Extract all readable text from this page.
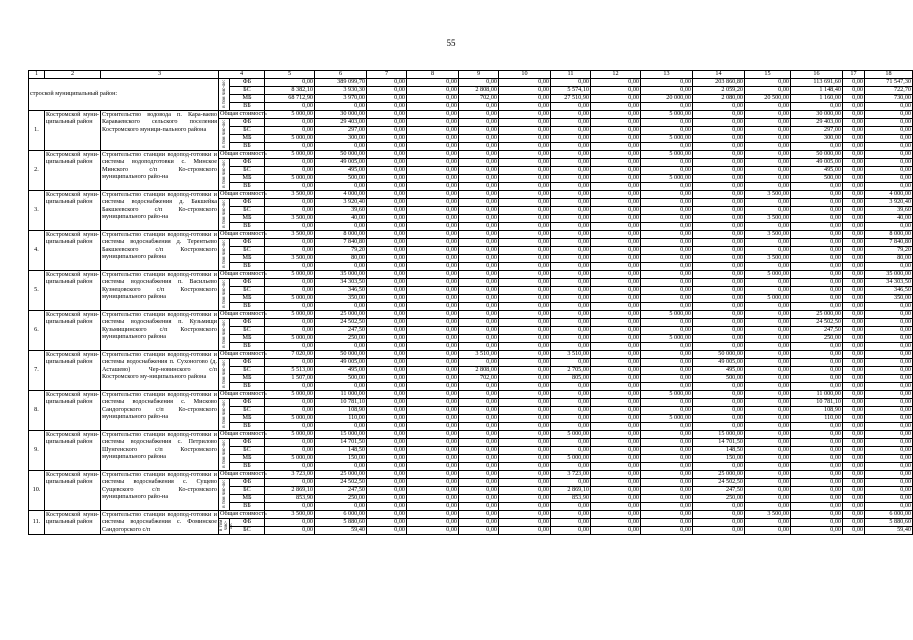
55
1	2	3	4		5	6	7	8	9	10	11	12	13	14	15	16	17	18
строской муниципальный район:			в том чис-ле:	ФБ	0,00	389 099,70	0,00	0,00	0,00	0,00	0,00	0,00	0,00	203 860,80	0,00	113 691,60	0,00	71 547,30
				БС	8 382,10	3 930,30	0,00	0,00	2 808,00	0,00	5 574,10	0,00	0,00	2 059,20	0,00	1 148,40	0,00	722,70
				МБ	68 712,90	3 970,00	0,00	0,00	702,00	0,00	27 510,90	0,00	20 000,00	2 080,00	20 500,00	1 160,00	0,00	730,00
				ВБ	0,00	0,00	0,00	0,00	0,00	0,00	0,00	0,00	0,00	0,00	0,00	0,00	0,00	0,00
1.	Костромской муни-ципальный район	Строительство водовода п. Кара-ваево Караваевского сельского поселения Костромского муници-пального района	Общая стоимость		5 000,00	30 000,00	0,00	0,00	0,00	0,00	0,00	0,00	5 000,00	0,00	0,00	30 000,00	0,00	0,00
			в том чис-ле:	ФБ	0,00	29 403,00	0,00	0,00	0,00	0,00	0,00	0,00	0,00	0,00	0,00	29 403,00	0,00	0,00
				БС	0,00	297,00	0,00	0,00	0,00	0,00	0,00	0,00	0,00	0,00	0,00	297,00	0,00	0,00
				МБ	5 000,00	300,00	0,00	0,00	0,00	0,00	0,00	0,00	5 000,00	0,00	0,00	300,00	0,00	0,00
				ВБ	0,00	0,00	0,00	0,00	0,00	0,00	0,00	0,00	0,00	0,00	0,00	0,00	0,00	0,00
2.	Костромской муни-ципальный район	Строительство станции водопод-готовки и системы водоподготовки с. Минское Минского с/п Ко-стромского муниципального райо-на	Общая стоимость		5 000,00	50 000,00	0,00	0,00	0,00	0,00	0,00	0,00	5 000,00	0,00	0,00	50 000,00	0,00	0,00
			в том чис-ле:	ФБ	0,00	49 005,00	0,00	0,00	0,00	0,00	0,00	0,00	0,00	0,00	0,00	49 005,00	0,00	0,00
				БС	0,00	495,00	0,00	0,00	0,00	0,00	0,00	0,00	0,00	0,00	0,00	495,00	0,00	0,00
				МБ	5 000,00	500,00	0,00	0,00	0,00	0,00	0,00	0,00	5 000,00	0,00	0,00	500,00	0,00	0,00
				ВБ	0,00	0,00	0,00	0,00	0,00	0,00	0,00	0,00	0,00	0,00	0,00	0,00	0,00	0,00
3.	Костромской муни-ципальный район	Строительство станции водопод-готовки и системы водоснабжения д. Бакшейка Бакшеевского с/п Ко-стромского муниципального райо-на	Общая стоимость		3 500,00	4 000,00	0,00	0,00	0,00	0,00	0,00	0,00	0,00	0,00	3 500,00	0,00	0,00	4 000,00
			в том чис-ле:	ФБ	0,00	3 920,40	0,00	0,00	0,00	0,00	0,00	0,00	0,00	0,00	0,00	0,00	0,00	3 920,40
				БС	0,00	39,60	0,00	0,00	0,00	0,00	0,00	0,00	0,00	0,00	0,00	0,00	0,00	39,60
				МБ	3 500,00	40,00	0,00	0,00	0,00	0,00	0,00	0,00	0,00	0,00	3 500,00	0,00	0,00	40,00
				ВБ	0,00	0,00	0,00	0,00	0,00	0,00	0,00	0,00	0,00	0,00	0,00	0,00	0,00	0,00
4.	Костромской муни-ципальный район	Строительство станции водопод-готовки и системы водоснабжения д. Терентьево Бакшеевского с/п Костромского муниципального района	Общая стоимость		3 500,00	8 000,00	0,00	0,00	0,00	0,00	0,00	0,00	0,00	0,00	3 500,00	0,00	0,00	8 000,00
			в том чис-ле:	ФБ	0,00	7 840,80	0,00	0,00	0,00	0,00	0,00	0,00	0,00	0,00	0,00	0,00	0,00	7 840,80
				БС	0,00	79,20	0,00	0,00	0,00	0,00	0,00	0,00	0,00	0,00	0,00	0,00	0,00	79,20
				МБ	3 500,00	80,00	0,00	0,00	0,00	0,00	0,00	0,00	0,00	0,00	3 500,00	0,00	0,00	80,00
				ВБ	0,00	0,00	0,00	0,00	0,00	0,00	0,00	0,00	0,00	0,00	0,00	0,00	0,00	0,00
5.	Костромской муни-ципальный район	Строительство станции водопод-готовки и системы водоснабжения п. Васильево Кузнецовского с/п Костромского муниципального района	Общая стоимость		5 000,00	35 000,00	0,00	0,00	0,00	0,00	0,00	0,00	0,00	0,00	5 000,00	0,00	0,00	35 000,00
			в том чис-ле:	ФБ	0,00	34 303,50	0,00	0,00	0,00	0,00	0,00	0,00	0,00	0,00	0,00	0,00	0,00	34 303,50
				БС	0,00	346,50	0,00	0,00	0,00	0,00	0,00	0,00	0,00	0,00	0,00	0,00	0,00	346,50
				МБ	5 000,00	350,00	0,00	0,00	0,00	0,00	0,00	0,00	0,00	0,00	5 000,00	0,00	0,00	350,00
				ВБ	0,00	0,00	0,00	0,00	0,00	0,00	0,00	0,00	0,00	0,00	0,00	0,00	0,00	0,00
6.	Костромской муни-ципальный район	Строительство станции водопод-готовки и системы водоснабжения п. Кузьмищи Кузьмищинского с/п Костромского муниципального района	Общая стоимость		5 000,00	25 000,00	0,00	0,00	0,00	0,00	0,00	0,00	5 000,00	0,00	0,00	25 000,00	0,00	0,00
			в том чис-ле:	ФБ	0,00	24 502,50	0,00	0,00	0,00	0,00	0,00	0,00	0,00	0,00	0,00	24 502,50	0,00	0,00
				БС	0,00	247,50	0,00	0,00	0,00	0,00	0,00	0,00	0,00	0,00	0,00	247,50	0,00	0,00
				МБ	5 000,00	250,00	0,00	0,00	0,00	0,00	0,00	0,00	5 000,00	0,00	0,00	250,00	0,00	0,00
				ВБ	0,00	0,00	0,00	0,00	0,00	0,00	0,00	0,00	0,00	0,00	0,00	0,00	0,00	0,00
7.	Костромской муни-ципальный район	Строительство станции водопод-готовки и системы водоснабжения п. Сухоногово (д. Асташево) Чер-новинского с/п Костромского му-ниципального района	Общая стоимость		7 020,00	50 000,00	0,00	0,00	3 510,00	0,00	3 510,00	0,00	0,00	50 000,00	0,00	0,00	0,00	0,00
			в том чис-ле:	ФБ	0,00	49 005,00	0,00	0,00	0,00	0,00	0,00	0,00	0,00	49 005,00	0,00	0,00	0,00	0,00
				БС	5 513,00	495,00	0,00	0,00	2 808,00	0,00	2 705,00	0,00	0,00	495,00	0,00	0,00	0,00	0,00
				МБ	1 507,00	500,00	0,00	0,00	702,00	0,00	805,00	0,00	0,00	500,00	0,00	0,00	0,00	0,00
				ВБ	0,00	0,00	0,00	0,00	0,00	0,00	0,00	0,00	0,00	0,00	0,00	0,00	0,00	0,00
8.	Костромской муни-ципальный район	Строительство станции водопод-готовки и системы водоснабжения с. Мисково Сандогорского с/п Ко-стромского муниципального райо-на	Общая стоимость		5 000,00	11 000,00	0,00	0,00	0,00	0,00	0,00	0,00	5 000,00	0,00	0,00	11 000,00	0,00	0,00
			в том чис-ле:	ФБ	0,00	10 781,10	0,00	0,00	0,00	0,00	0,00	0,00	0,00	0,00	0,00	10 781,10	0,00	0,00
				БС	0,00	108,90	0,00	0,00	0,00	0,00	0,00	0,00	0,00	0,00	0,00	108,90	0,00	0,00
				МБ	5 000,00	110,00	0,00	0,00	0,00	0,00	0,00	0,00	5 000,00	0,00	0,00	110,00	0,00	0,00
				ВБ	0,00	0,00	0,00	0,00	0,00	0,00	0,00	0,00	0,00	0,00	0,00	0,00	0,00	0,00
9.	Костромской муни-ципальный район	Строительство станции водопод-готовки и системы водоснабжения с. Петрилово Шунгенского с/п Костромского муниципального района	Общая стоимость		5 000,00	15 000,00	0,00	0,00	0,00	0,00	5 000,00	0,00	0,00	15 000,00	0,00	0,00	0,00	0,00
			в том чис-ле:	ФБ	0,00	14 701,50	0,00	0,00	0,00	0,00	0,00	0,00	0,00	14 701,50	0,00	0,00	0,00	0,00
				БС	0,00	148,50	0,00	0,00	0,00	0,00	0,00	0,00	0,00	148,50	0,00	0,00	0,00	0,00
				МБ	5 000,00	150,00	0,00	0,00	0,00	0,00	5 000,00	0,00	0,00	150,00	0,00	0,00	0,00	0,00
				ВБ	0,00	0,00	0,00	0,00	0,00	0,00	0,00	0,00	0,00	0,00	0,00	0,00	0,00	0,00
10.	Костромской муни-ципальный район	Строительство станции водопод-готовки и системы водоснабжения с. Сущево Сущевского с/п Ко-стромского муниципального райо-на	Общая стоимость		3 723,00	25 000,00	0,00	0,00	0,00	0,00	3 723,00	0,00	0,00	25 000,00	0,00	0,00	0,00	0,00
			в том чис-ле:	ФБ	0,00	24 502,50	0,00	0,00	0,00	0,00	0,00	0,00	0,00	24 502,50	0,00	0,00	0,00	0,00
				БС	2 869,10	247,50	0,00	0,00	0,00	0,00	2 869,10	0,00	0,00	247,50	0,00	0,00	0,00	0,00
				МБ	853,90	250,00	0,00	0,00	0,00	0,00	853,90	0,00	0,00	250,00	0,00	0,00	0,00	0,00
				ВБ	0,00	0,00	0,00	0,00	0,00	0,00	0,00	0,00	0,00	0,00	0,00	0,00	0,00	0,00
11.	Костромской муни-ципальный район	Строительство станции водопод-готовки и системы водоснабжения с. Фоминское Сандогорского с/п	Общая стоимость		3 500,00	6 000,00	0,00	0,00	0,00	0,00	0,00	0,00	0,00	0,00	3 500,00	0,00	0,00	6 000,00
			в том чис-ле:	ФБ	0,00	5 880,60	0,00	0,00	0,00	0,00	0,00	0,00	0,00	0,00	0,00	0,00	0,00	5 880,60
				БС	0,00	59,40	0,00	0,00	0,00	0,00	0,00	0,00	0,00	0,00	0,00	0,00	0,00	59,40
